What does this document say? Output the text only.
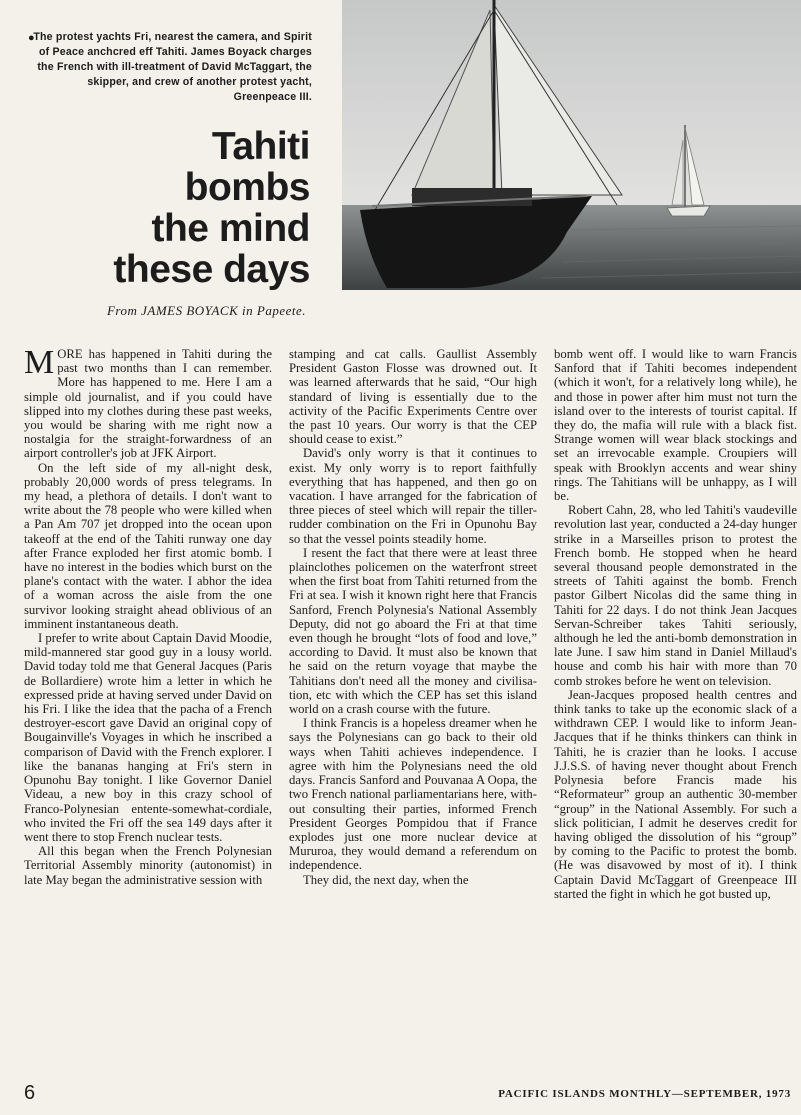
●
The protest yachts Fri, nearest the camera, and Spirit of Peace anchcred eff Tahiti. James Boyack charges the French with ill-treatment of David McTaggart, the skipper, and crew of another protest yacht, Greenpeace III.
Tahiti
bombs
the mind
these days
From JAMES BOYACK in Papeete.

MORE has happened in Tahiti during the past two months than I can remember. More has happened to me. Here I am a simple old journalist, and if you could have slipped into my clothes during these past weeks, you would be sharing with me right now a nostalgia for the straight-forwardness of an airport controller's job at JFK Airport.

On the left side of my all-night desk, probably 20,000 words of press telegrams. In my head, a plethora of details. I don't want to write about the 78 people who were killed when a Pan Am 707 jet dropped into the ocean upon takeoff at the end of the Tahiti runway one day after France exploded her first atomic bomb. I have no interest in the bodies which burst on the plane's contact with the water. I abhor the idea of a woman across the aisle from the one survivor looking straight ahead oblivious of an imminent instantaneous death.

I prefer to write about Captain David Moodie, mild-mannered star good guy in a lousy world. David today told me that General Jacques (Paris de Bollardiere) wrote him a letter in which he expressed pride at having served under David on his Fri. I like the idea that the pacha of a French destroyer-escort gave David an original copy of Bougainville's Voyages in which he inscribed a comparison of David with the French explorer. I like the bananas hanging at Fri's stern in Opunohu Bay tonight. I like Governor Daniel Videau, a new boy in this crazy school of Franco-Polynesian entente-somewhat-cordiale, who invited the Fri off the sea 149 days after it went there to stop French nuclear tests.

All this began when the French Polynesian Territorial Assembly minority (autonomist) in late May began the administrative session with

stamping and cat calls. Gaullist Assembly President Gaston Flosse was drowned out. It was learned afterwards that he said, “Our high standard of living is essentially due to the activity of the Pacific Experiments Centre over the past 10 years. Our worry is that the CEP should cease to exist.”

David's only worry is that it continues to exist. My only worry is to report faithfully everything that has happened, and then go on vacation. I have arranged for the fabrication of three pieces of steel which will repair the tiller-rudder combination on the Fri in Opunohu Bay so that the vessel points steadily home.

I resent the fact that there were at least three plainclothes policemen on the waterfront street when the first boat from Tahiti returned from the Fri at sea. I wish it known right here that Francis Sanford, French Polynesia's National Assembly Deputy, did not go aboard the Fri at that time even though he brought “lots of food and love,” according to David. It must also be known that he said on the return voyage that maybe the Tahitians don't need all the money and civilisation, etc with which the CEP has set this island world on a crash course with the future.

I think Francis is a hopeless dreamer when he says the Polynesians can go back to their old ways when Tahiti achieves independence. I agree with him the Polynesians need the old days. Francis Sanford and Pouvanaa A Oopa, the two French national parliamentarians here, without consulting their parties, informed French President Georges Pompidou that if France explodes just one more nuclear device at Mururoa, they would demand a referendum on independence.

They did, the next day, when the

bomb went off. I would like to warn Francis Sanford that if Tahiti becomes independent (which it won't, for a relatively long while), he and those in power after him must not turn the island over to the interests of tourist capital. If they do, the mafia will rule with a black fist. Strange women will wear black stockings and set an irrevocable example. Croupiers will speak with Brooklyn accents and wear shiny rings. The Tahitians will be unhappy, as I will be.

Robert Cahn, 28, who led Tahiti's vaudeville revolution last year, conducted a 24-day hunger strike in a Marseilles prison to protest the French bomb. He stopped when he heard several thousand people demonstrated in the streets of Tahiti against the bomb. French pastor Gilbert Nicolas did the same thing in Tahiti for 22 days. I do not think Jean Jacques Servan-Schreiber takes Tahiti seriously, although he led the anti-bomb demonstration in late June. I saw him stand in Daniel Millaud's house and comb his hair with more than 70 comb strokes before he went on television.

Jean-Jacques proposed health centres and think tanks to take up the economic slack of a withdrawn CEP. I would like to inform Jean-Jacques that if he thinks thinkers can think in Tahiti, he is crazier than he looks. I accuse J.J.S.S. of having never thought about French Polynesia before Francis made his “Reformateur” group an authentic 30-member “group” in the National Assembly. For such a slick politician, I admit he deserves credit for having obliged the dissolution of his “group” by coming to the Pacific to protest the bomb. (He was disavowed by most of it). I think Captain David McTaggart of Greenpeace III started the fight in which he got busted up,

6	PACIFIC ISLANDS MONTHLY—SEPTEMBER, 1973
